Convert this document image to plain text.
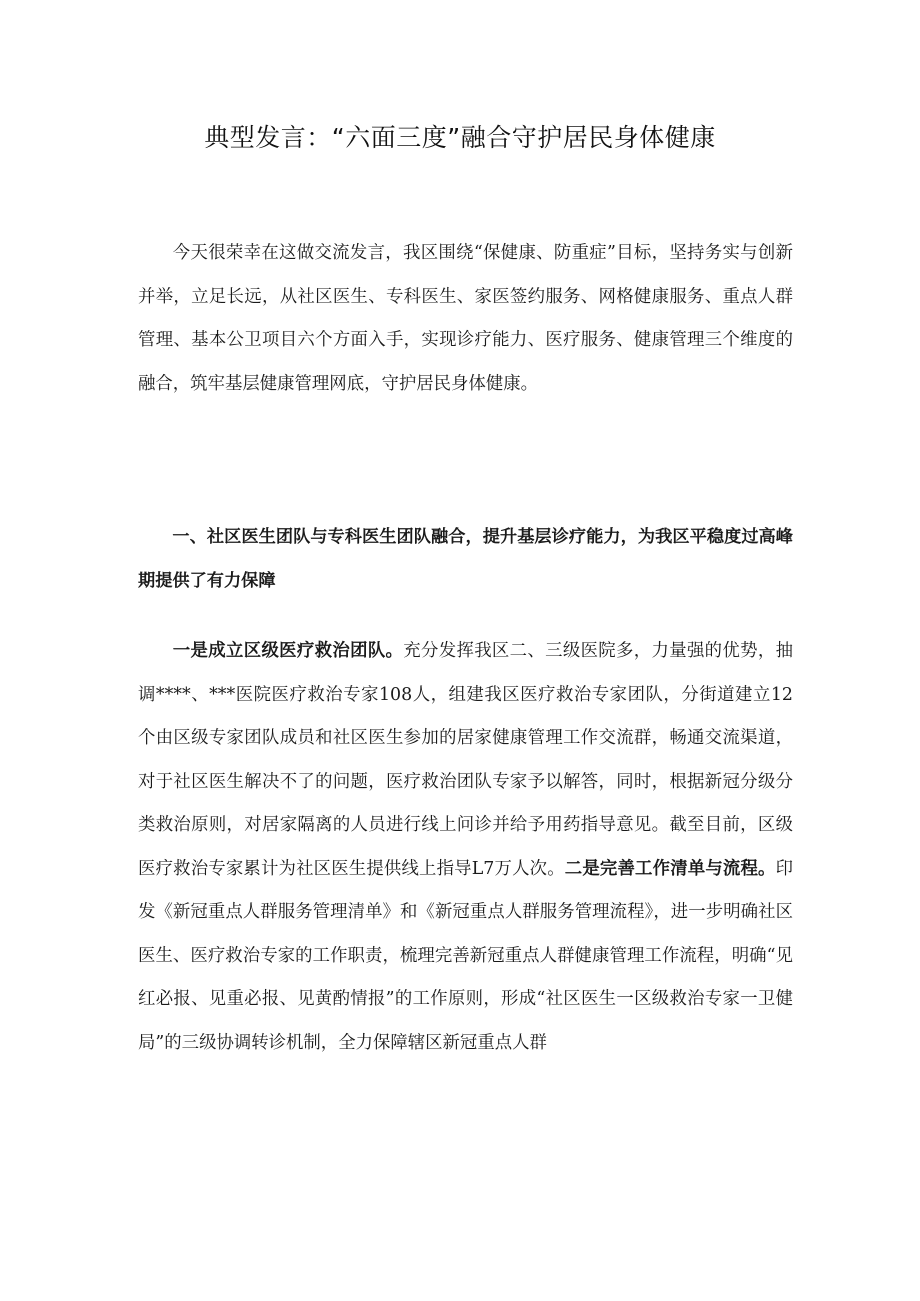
典型发言：“六面三度”融合守护居民身体健康

今天很荣幸在这做交流发言，我区围绕“保健康、防重症”目标，坚持务实与创新并举，立足长远，从社区医生、专科医生、家医签约服务、网格健康服务、重点人群管理、基本公卫项目六个方面入手，实现诊疗能力、医疗服务、健康管理三个维度的融合，筑牢基层健康管理网底，守护居民身体健康。

一、社区医生团队与专科医生团队融合，提升基层诊疗能力，为我区平稳度过高峰期提供了有力保障

一是成立区级医疗救治团队。充分发挥我区二、三级医院多，力量强的优势，抽调****、***医院医疗救治专家108人，组建我区医疗救治专家团队，分街道建立12个由区级专家团队成员和社区医生参加的居家健康管理工作交流群，畅通交流渠道，对于社区医生解决不了的问题，医疗救治团队专家予以解答，同时，根据新冠分级分类救治原则，对居家隔离的人员进行线上问诊并给予用药指导意见。截至目前，区级医疗救治专家累计为社区医生提供线上指导L7万人次。二是完善工作清单与流程。印发《新冠重点人群服务管理清单》和《新冠重点人群服务管理流程》，进一步明确社区医生、医疗救治专家的工作职责，梳理完善新冠重点人群健康管理工作流程，明确“见红必报、见重必报、见黄酌情报”的工作原则，形成“社区医生一区级救治专家一卫健局”的三级协调转诊机制，全力保障辖区新冠重点人群
